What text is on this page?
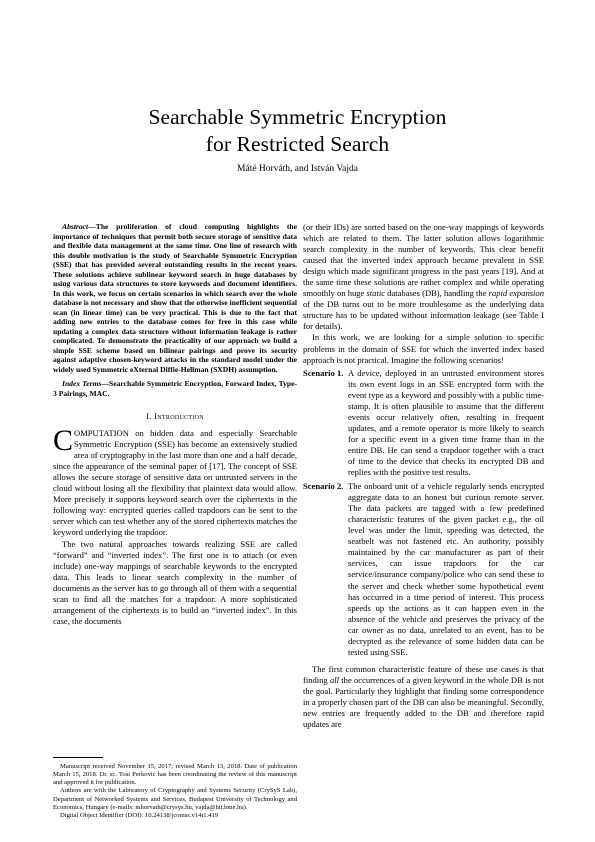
Searchable Symmetric Encryption
for Restricted Search
Máté Horváth, and István Vajda

Abstract—The proliferation of cloud computing highlights the importance of techniques that permit both secure storage of sensitive data and flexible data management at the same time. One line of research with this double motivation is the study of Searchable Symmetric Encryption (SSE) that has provided several outstanding results in the recent years. These solutions achieve sublinear keyword search in huge databases by using various data structures to store keywords and document identifiers. In this work, we focus on certain scenarios in which search over the whole database is not necessary and show that the otherwise inefficient sequential scan (in linear time) can be very practical. This is due to the fact that adding new entries to the database comes for free in this case while updating a complex data structure without information leakage is rather complicated. To demonstrate the practicality of our approach we build a simple SSE scheme based on bilinear pairings and prove its security against adaptive chosen-keyword attacks in the standard model under the widely used Symmetric eXternal Diffie-Hellman (SXDH) assumption.

Index Terms—Searchable Symmetric Encryption, Forward Index, Type-3 Pairings, MAC.

I. Introduction

COMPUTATION on hidden data and especially Searchable Symmetric Encryption (SSE) has become an extensively studied area of cryptography in the last more than one and a half decade, since the appearance of the seminal paper of [17]. The concept of SSE allows the secure storage of sensitive data on untrusted servers in the cloud without losing all the flexibility that plaintext data would allow. More precisely it supports keyword search over the ciphertexts in the following way: encrypted queries called trapdoors can be sent to the server which can test whether any of the stored ciphertexts matches the keyword underlying the trapdoor.

The two natural approaches towards realizing SSE are called “forward” and “inverted index”. The first one is to attach (or even include) one-way mappings of searchable keywords to the encrypted data. This leads to linear search complexity in the number of documents as the server has to go through all of them with a sequential scan to find all the matches for a trapdoor. A more sophisticated arrangement of the ciphertexts is to build an “inverted index”. In this case, the documents

(or their IDs) are sorted based on the one-way mappings of keywords which are related to them. The latter solution allows logarithmic search complexity in the number of keywords. This clear benefit caused that the inverted index approach became prevalent in SSE design which made significant progress in the past years [19]. And at the same time these solutions are rather complex and while operating smoothly on huge static databases (DB), handling the rapid expansion of the DB turns out to be more troublesome as the underlying data structure has to be updated without information leakage (see Table I for details).

In this work, we are looking for a simple solution to specific problems in the domain of SSE for which the inverted index based approach is not practical. Imagine the following scenarios!

Scenario 1. A device, deployed in an untrusted environment stores its own event logs in an SSE encrypted form with the event type as a keyword and possibly with a public time-stamp. It is often plausible to assume that the different events occur relatively often, resulting in frequent updates, and a remote operator is more likely to search for a specific event in a given time frame than in the entire DB. He can send a trapdoor together with a tract of time to the device that checks its encrypted DB and replies with the positive test results.

Scenario 2. The onboard unit of a vehicle regularly sends encrypted aggregate data to an honest but curious remote server. The data packets are tagged with a few predefined characteristic features of the given packet e.g., the oil level was under the limit, speeding was detected, the seatbelt was not fastened etc. An authority, possibly maintained by the car manufacturer as part of their services, can issue trapdoors for the car service/insurance company/police who can send these to the server and check whether some hypothetical event has occurred in a time period of interest. This process speeds up the actions as it can happen even in the absence of the vehicle and preserves the privacy of the car owner as no data, unrelated to an event, has to be decrypted as the relevance of some hidden data can be tested using SSE.

The first common characteristic feature of these use cases is that finding all the occurrences of a given keyword in the whole DB is not the goal. Particularly they highlight that finding some correspondence in a properly chosen part of the DB can also be meaningful. Secondly, new entries are frequently added to the DB and therefore rapid updates are

Manuscript received November 15, 2017; revised March 13, 2018. Date of publication March 15, 2018. Dr. sc. Tosi Perković has been coordinating the review of this manuscript and approved it for publication.

Authors are with the Laboratory of Cryptography and Systems Security (CrySyS Lab), Department of Networked Systems and Services, Budapest University of Technology and Economics, Hungary (e-mails: mhorvath@crysys.hu, vajda@hit.bme.hu).

Digital Object Identifier (DOI): 10.24138/jcomss.v14i1.419
